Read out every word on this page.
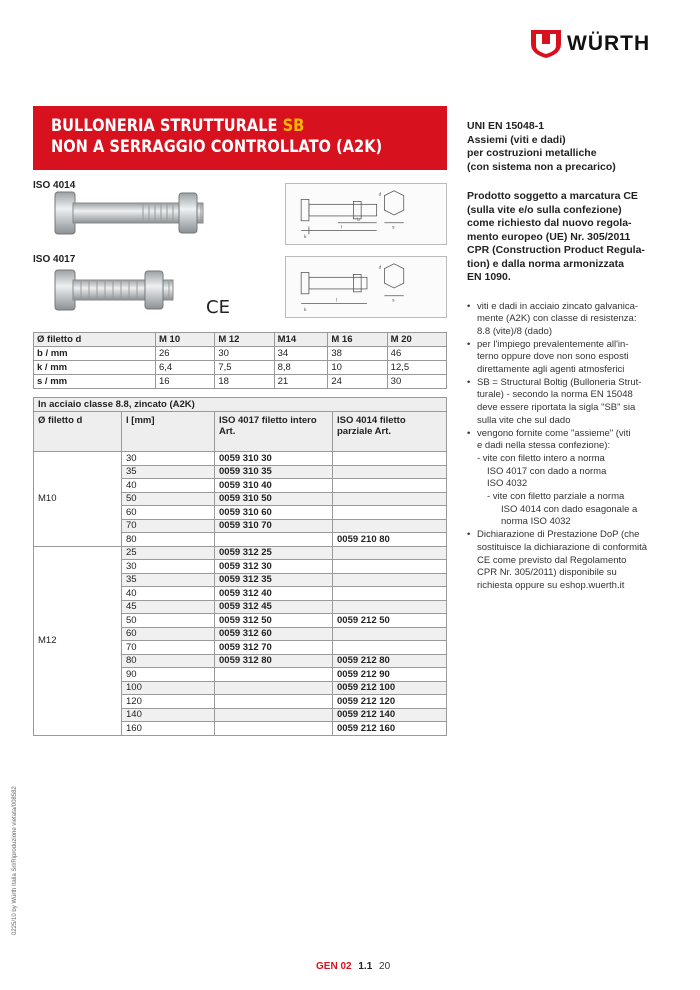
WÜRTH
BULLONERIA STRUTTURALE SB
NON A SERRAGGIO CONTROLLATO (A2K)
ISO 4014
k
l
b
d
s
ISO 4017
k
l
d
s
CE
Ø filetto d	M 10	M 12	M14	M 16	M 20
b / mm	26	30	34	38	46
k / mm	6,4	7,5	8,8	10	12,5
s / mm	16	18	21	24	30
In acciaio classe 8.8, zincato (A2K)			
Ø filetto d	l [mm]	ISO 4017 filetto intero Art.	ISO 4014 filetto parziale Art.
M10	30	0059 310 30	
	35	0059 310 35	
	40	0059 310 40	
	50	0059 310 50	
	60	0059 310 60	
	70	0059 310 70	
	80		0059 210 80
M12	25	0059 312 25	
	30	0059 312 30	
	35	0059 312 35	
	40	0059 312 40	
	45	0059 312 45	
	50	0059 312 50	0059 212 50
	60	0059 312 60	
	70	0059 312 70	
	80	0059 312 80	0059 212 80
	90		0059 212 90
	100		0059 212 100
	120		0059 212 120
	140		0059 212 140
	160		0059 212 160
UNI EN 15048-1
Assiemi (viti e dadi)
per costruzioni metalliche
(con sistema non a precarico)
Prodotto soggetto a marcatura CE
(sulla vite e/o sulla confezione)
come richiesto dal nuovo regola-
mento europeo (UE) Nr. 305/2011
CPR (Construction Product Regula-
tion) e dalla norma armonizzata
EN 1090.
• viti e dadi in acciaio zincato galvanica-
mente (A2K) con classe di resistenza:
8.8 (vite)/8 (dado)
• per l'impiego prevalentemente all'in-
terno oppure dove non sono esposti
direttamente agli agenti atmosferici
• SB = Structural Boltig (Bulloneria Strut-
turale) - secondo la norma EN 15048
deve essere riportata la sigla "SB" sia
sulla vite che sul dado
• vengono fornite come "assieme" (viti
e dadi nella stessa confezione):
- vite con filetto intero a norma
ISO 4017 con dado a norma
ISO 4032
- vite con filetto parziale a norma
ISO 4014 con dado esagonale a
norma ISO 4032
• Dichiarazione di Prestazione DoP (che
sostituisce la dichiarazione di conformità
CE come previsto dal Regolamento
CPR Nr. 305/2011) disponibile su
richiesta oppure su eshop.wuerth.it
0225/10 by Würth Italia Srl/Riproduzione vietata/008582
GEN 02 1.1 20
